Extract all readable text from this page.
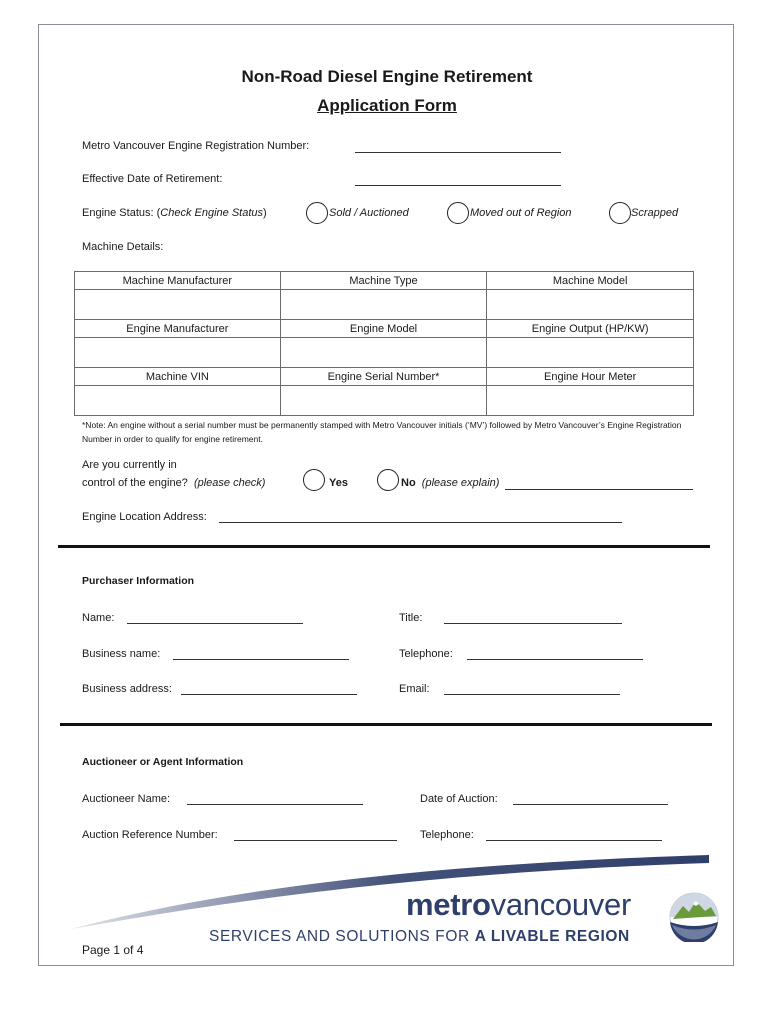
Non-Road Diesel Engine Retirement
Application Form
Metro Vancouver Engine Registration Number:
Effective Date of Retirement:
Engine Status: (Check Engine Status)	Sold / Auctioned	Moved out of Region	Scrapped
Machine Details:
Machine Manufacturer	Machine Type	Machine Model

Engine Manufacturer	Engine Model	Engine Output (HP/KW)

Machine VIN	Engine Serial Number*	Engine Hour Meter

*Note: An engine without a serial number must be permanently stamped with Metro Vancouver initials (‘MV’) followed by Metro Vancouver’s Engine Registration Number in order to qualify for engine retirement.
Are you currently in
control of the engine? (please check)	Yes	No (please explain)
Engine Location Address:
Purchaser Information
Name:	Title:
Business name:	Telephone:
Business address:	Email:
Auctioneer or Agent Information
Auctioneer Name:	Date of Auction:
Auction Reference Number:	Telephone:
metrovancouver
SERVICES AND SOLUTIONS FOR A LIVABLE REGION
Page 1 of 4
